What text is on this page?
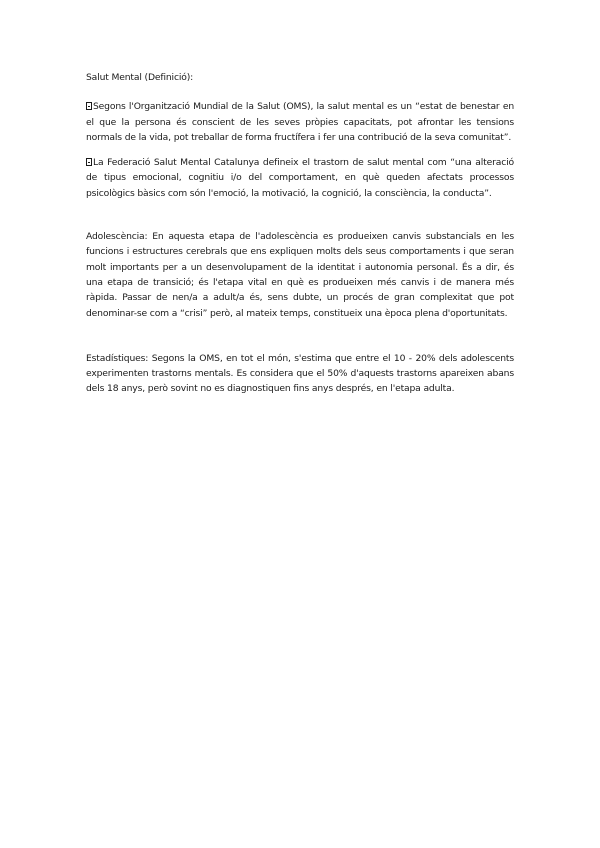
Salut Mental (Definició):

Segons l'Organització Mundial de la Salut (OMS), la salut mental es un “estat de benestar en el que la persona és conscient de les seves pròpies capacitats, pot afrontar les tensions normals de la vida, pot treballar de forma fructífera i fer una contribució de la seva comunitat”.

La Federació Salut Mental Catalunya defineix el trastorn de salut mental com “una alteració de tipus emocional, cognitiu i/o del comportament, en què queden afectats processos psicològics bàsics com són l'emoció, la motivació, la cognició, la consciència, la conducta”.

Adolescència: En aquesta etapa de l'adolescència es produeixen canvis substancials en les funcions i estructures cerebrals que ens expliquen molts dels seus comportaments i que seran molt importants per a un desenvolupament de la identitat i autonomia personal. És a dir, és una etapa de transició; és l'etapa vital en què es produeixen més canvis i de manera més ràpida. Passar de nen/a a adult/a és, sens dubte, un procés de gran complexitat que pot denominar-se com a “crisi” però, al mateix temps, constitueix una època plena d'oportunitats.

Estadístiques: Segons la OMS, en tot el món, s'estima que entre el 10 - 20% dels adolescents experimenten trastorns mentals. Es considera que el 50% d'aquests trastorns apareixen abans dels 18 anys, però sovint no es diagnostiquen fins anys després, en l'etapa adulta.
